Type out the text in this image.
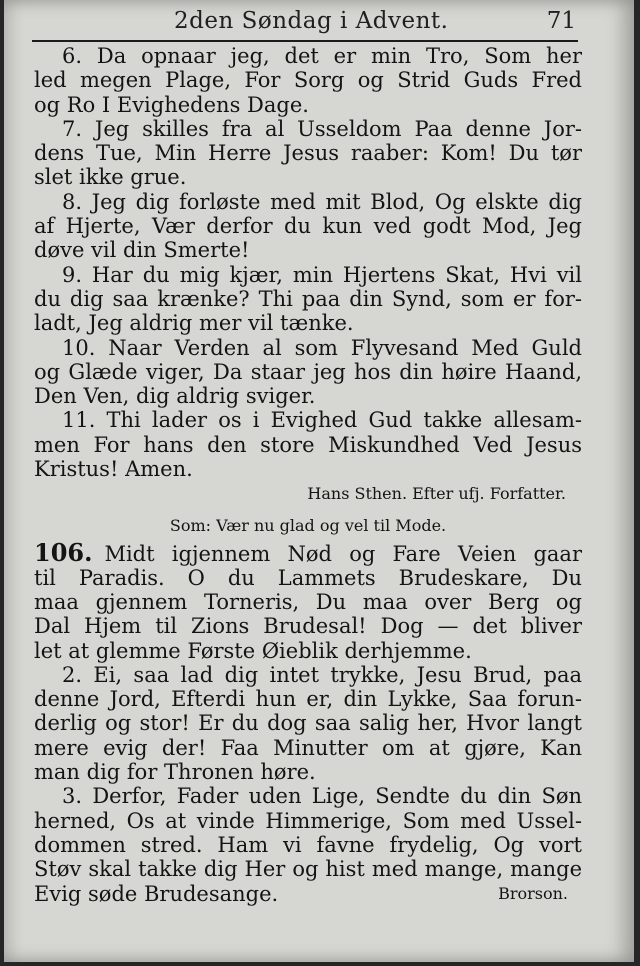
2den Søndag i Advent.	71
6. Da opnaar jeg, det er min Tro, Som her
led megen Plage, For Sorg og Strid Guds Fred
og Ro I Evighedens Dage.
7. Jeg skilles fra al Usseldom Paa denne Jor-
dens Tue, Min Herre Jesus raaber: Kom! Du tør
slet ikke grue.
8. Jeg dig forløste med mit Blod, Og elskte dig
af Hjerte, Vær derfor du kun ved godt Mod, Jeg
døve vil din Smerte!
9. Har du mig kjær, min Hjertens Skat, Hvi vil
du dig saa krænke? Thi paa din Synd, som er for-
ladt, Jeg aldrig mer vil tænke.
10. Naar Verden al som Flyvesand Med Guld
og Glæde viger, Da staar jeg hos din høire Haand,
Den Ven, dig aldrig sviger.
11. Thi lader os i Evighed Gud takke allesam-
men For hans den store Miskundhed Ved Jesus
Kristus! Amen.
Hans Sthen. Efter ufj. Forfatter.
Som: Vær nu glad og vel til Mode.
106. Midt igjennem Nød og Fare Veien gaar
til Paradis. O du Lammets Brudeskare, Du
maa gjennem Torneris, Du maa over Berg og
Dal Hjem til Zions Brudesal! Dog — det bliver
let at glemme Første Øieblik derhjemme.
2. Ei, saa lad dig intet trykke, Jesu Brud, paa
denne Jord, Efterdi hun er, din Lykke, Saa forun-
derlig og stor! Er du dog saa salig her, Hvor langt
mere evig der! Faa Minutter om at gjøre, Kan
man dig for Thronen høre.
3. Derfor, Fader uden Lige, Sendte du din Søn
herned, Os at vinde Himmerige, Som med Ussel-
dommen stred. Ham vi favne frydelig, Og vort
Støv skal takke dig Her og hist med mange, mange
Evig søde Brudesange.	Brorson.
